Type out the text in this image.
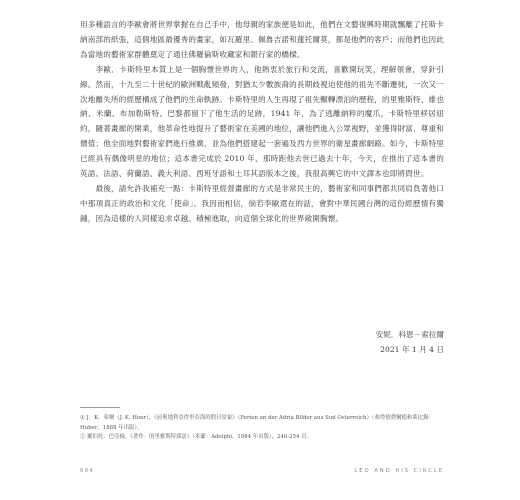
用多種語言的李歐會將世界掌握在自己手中，他母親的家族便是如此，他們在文藝復興時期就飄離了托斯卡納南部的紙張，這個地區最優秀的畫家，如瓦羅里、佩魯吉諾和蓮托爾莫，都是他們的客戶；而他們也因此為當地的藝術家群體奠定了通往佛羅倫斯收藏家和銀行家的橋樑。

李歐．卡斯特里本質上是一個胸懷世界的人，他熱衷於旅行和交流，喜歡開玩笑，理解領會，穿針引線。然而，十九至二十世紀的歐洲戰亂頻發，對猶太少數族裔的長期歧視迫使他的祖先不斷遷徙，一次又一次地離失所的經歷構成了他們的生命軌跡。卡斯特里的人生再現了祖先輾轉漂泊的歷程，的里雅斯特、維也納、米蘭、布加勒斯特、巴黎都留下了他生活的足跡，1941 年，為了逃離納粹的魔爪，卡斯特里移居紐約，隨著畫廊的開業，他革命性地提升了藝術家在美國的地位，讓他們進入公眾視野，並獲得財富、尊重和價值；他全面地對藝術家們進行推廣，並為他們搭建起一套遍及西方世界的衛星畫廊網路。如今，卡斯特里已經具有偶像明星的地位；這本書完成於 2010 年，那時距他去世已過去十年，今天，在推出了這本書的英語、法語、荷蘭語、義大利語、西班牙語和土耳其語版本之後，我很高興它的中文譯本也即將問世。

最後，請允許我補充一點：卡斯特里經營畫廊的方式是非常民主的，藝術家和同事們都共同肩負著他口中那項真正的政治和文化「使命」。我因而相信，倘若李歐還在的話，會對中華民國台灣的這份經歷情有獨鍾，因為這樣的人同樣追求卓越、積極進取，向這個全球化的世界敞開胸懷。

安妮．科恩－索拉爾
2021 年 1 月 4 日

① J．K．希爾（J. K. Hoer），《前奧地利亞得里亞海的假日景象》（Ferien an der Adria Bilder aus Sud Osterreich）（弗勞德費爾德和萊比錫：Huber，1888 年出版）。

② 羅伯托．巴亞倫，《著作：的里雅斯特採訪》（米蘭：Adelphi，1984 年出版），246-254 頁。

004	LEO AND HIS CIRCLE
